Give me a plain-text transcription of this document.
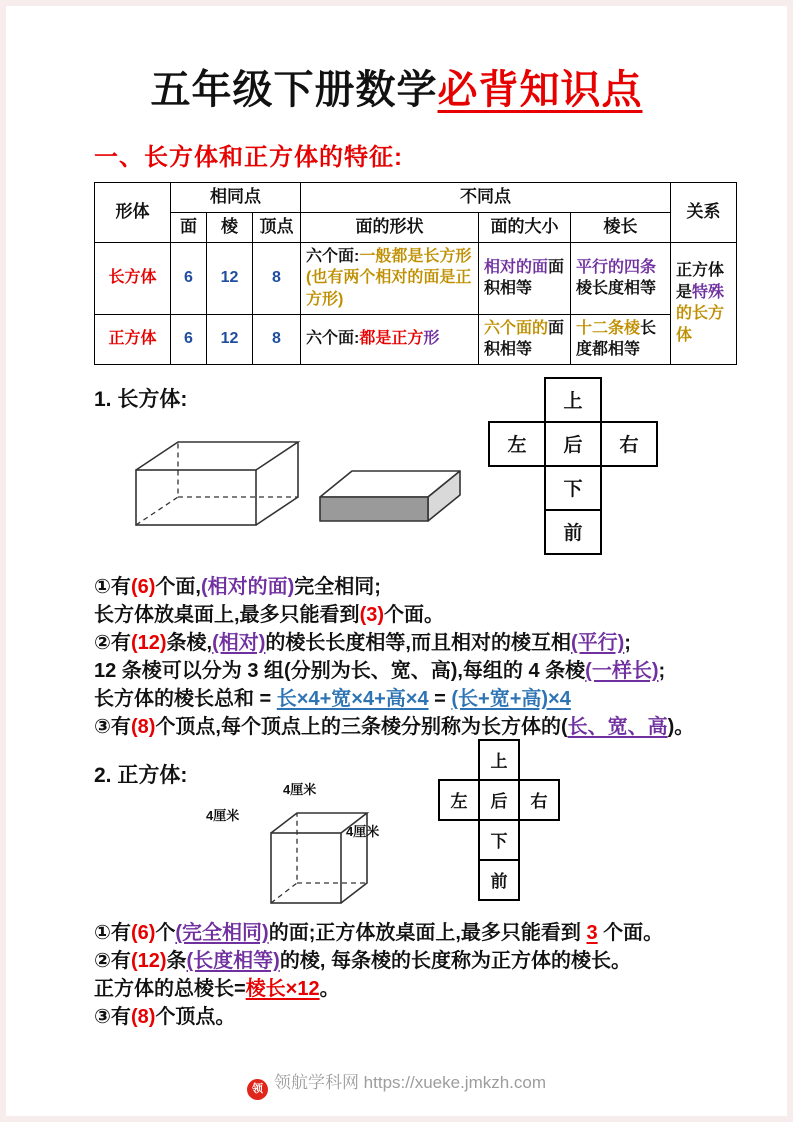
五年级下册数学必背知识点
一、长方体和正方体的特征:
形体	相同点			不同点			关系
	面	棱	顶点	面的形状	面的大小	棱长	
长方体	6	12	8	六个面:一般都是长方形(也有两个相对的面是正方形)	相对的面面积相等	平行的四条棱长度相等	正方体是特殊的长方体
正方体	6	12	8	六个面:都是正方形	六个面的面积相等	十二条棱长度都相等	
1. 长方体:	上
左	后	右
下
前
①有(6)个面,(相对的面)完全相同;
长方体放桌面上,最多只能看到(3)个面。
②有(12)条棱,(相对)的棱长长度相等,而且相对的棱互相(平行);
12 条棱可以分为 3 组(分别为长、宽、高),每组的 4 条棱(一样长);
长方体的棱长总和 = 长×4+宽×4+高×4 = (长+宽+高)×4
③有(8)个顶点,每个顶点上的三条棱分别称为长方体的(长、宽、高)。
2. 正方体:
4厘米
4厘米
4厘米
上
左	后	右
下
前
①有(6)个(完全相同)的面;正方体放桌面上,最多只能看到 3 个面。
②有(12)条(长度相等)的棱, 每条棱的长度称为正方体的棱长。
正方体的总棱长=棱长×12。
③有(8)个顶点。
领 领航学科网 https://xueke.jmkzh.com
